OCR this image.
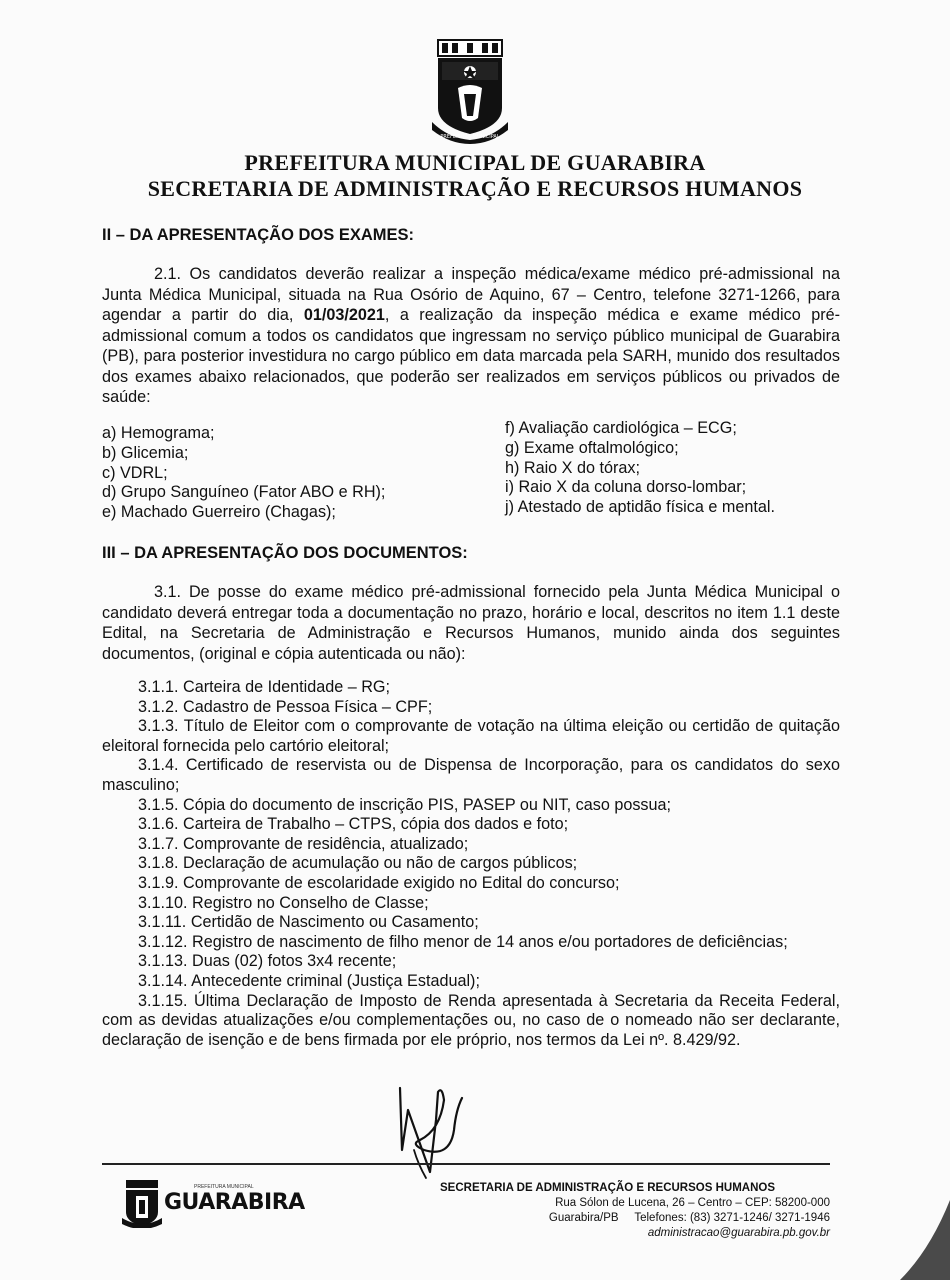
PREFEITURA MUNICIPAL
PREFEITURA MUNICIPAL DE GUARABIRA
SECRETARIA DE ADMINISTRAÇÃO E RECURSOS HUMANOS
II – DA APRESENTAÇÃO DOS EXAMES:
2.1. Os candidatos deverão realizar a inspeção médica/exame médico pré-admissional na Junta Médica Municipal, situada na Rua Osório de Aquino, 67 – Centro, telefone 3271-1266, para agendar a partir do dia, 01/03/2021, a realização da inspeção médica e exame médico pré-admissional comum a todos os candidatos que ingressam no serviço público municipal de Guarabira (PB), para posterior investidura no cargo público em data marcada pela SARH, munido dos resultados dos exames abaixo relacionados, que poderão ser realizados em serviços públicos ou privados de saúde:
a) Hemograma;
b) Glicemia;
c) VDRL;
d) Grupo Sanguíneo (Fator ABO e RH);
e) Machado Guerreiro (Chagas);
f) Avaliação cardiológica – ECG;
g) Exame oftalmológico;
h) Raio X do tórax;
i) Raio X da coluna dorso-lombar;
j) Atestado de aptidão física e mental.
III – DA APRESENTAÇÃO DOS DOCUMENTOS:
3.1. De posse do exame médico pré-admissional fornecido pela Junta Médica Municipal o candidato deverá entregar toda a documentação no prazo, horário e local, descritos no item 1.1 deste Edital, na Secretaria de Administração e Recursos Humanos, munido ainda dos seguintes documentos, (original e cópia autenticada ou não):
3.1.1. Carteira de Identidade – RG;
3.1.2. Cadastro de Pessoa Física – CPF;
3.1.3. Título de Eleitor com o comprovante de votação na última eleição ou certidão de quitação eleitoral fornecida pelo cartório eleitoral;
3.1.4. Certificado de reservista ou de Dispensa de Incorporação, para os candidatos do sexo masculino;
3.1.5. Cópia do documento de inscrição PIS, PASEP ou NIT, caso possua;
3.1.6. Carteira de Trabalho – CTPS, cópia dos dados e foto;
3.1.7. Comprovante de residência, atualizado;
3.1.8. Declaração de acumulação ou não de cargos públicos;
3.1.9. Comprovante de escolaridade exigido no Edital do concurso;
3.1.10. Registro no Conselho de Classe;
3.1.11. Certidão de Nascimento ou Casamento;
3.1.12. Registro de nascimento de filho menor de 14 anos e/ou portadores de deficiências;
3.1.13. Duas (02) fotos 3x4 recente;
3.1.14. Antecedente criminal (Justiça Estadual);
3.1.15. Última Declaração de Imposto de Renda apresentada à Secretaria da Receita Federal, com as devidas atualizações e/ou complementações ou, no caso de o nomeado não ser declarante, declaração de isenção e de bens firmada por ele próprio, nos termos da Lei nº. 8.429/92.
PREFEITURA MUNICIPAL
GUARABIRA
SECRETARIA DE ADMINISTRAÇÃO E RECURSOS HUMANOS
Rua Sólon de Lucena, 26 – Centro – CEP: 58200-000
Guarabira/PB     Telefones: (83) 3271-1246/ 3271-1946
administracao@guarabira.pb.gov.br
